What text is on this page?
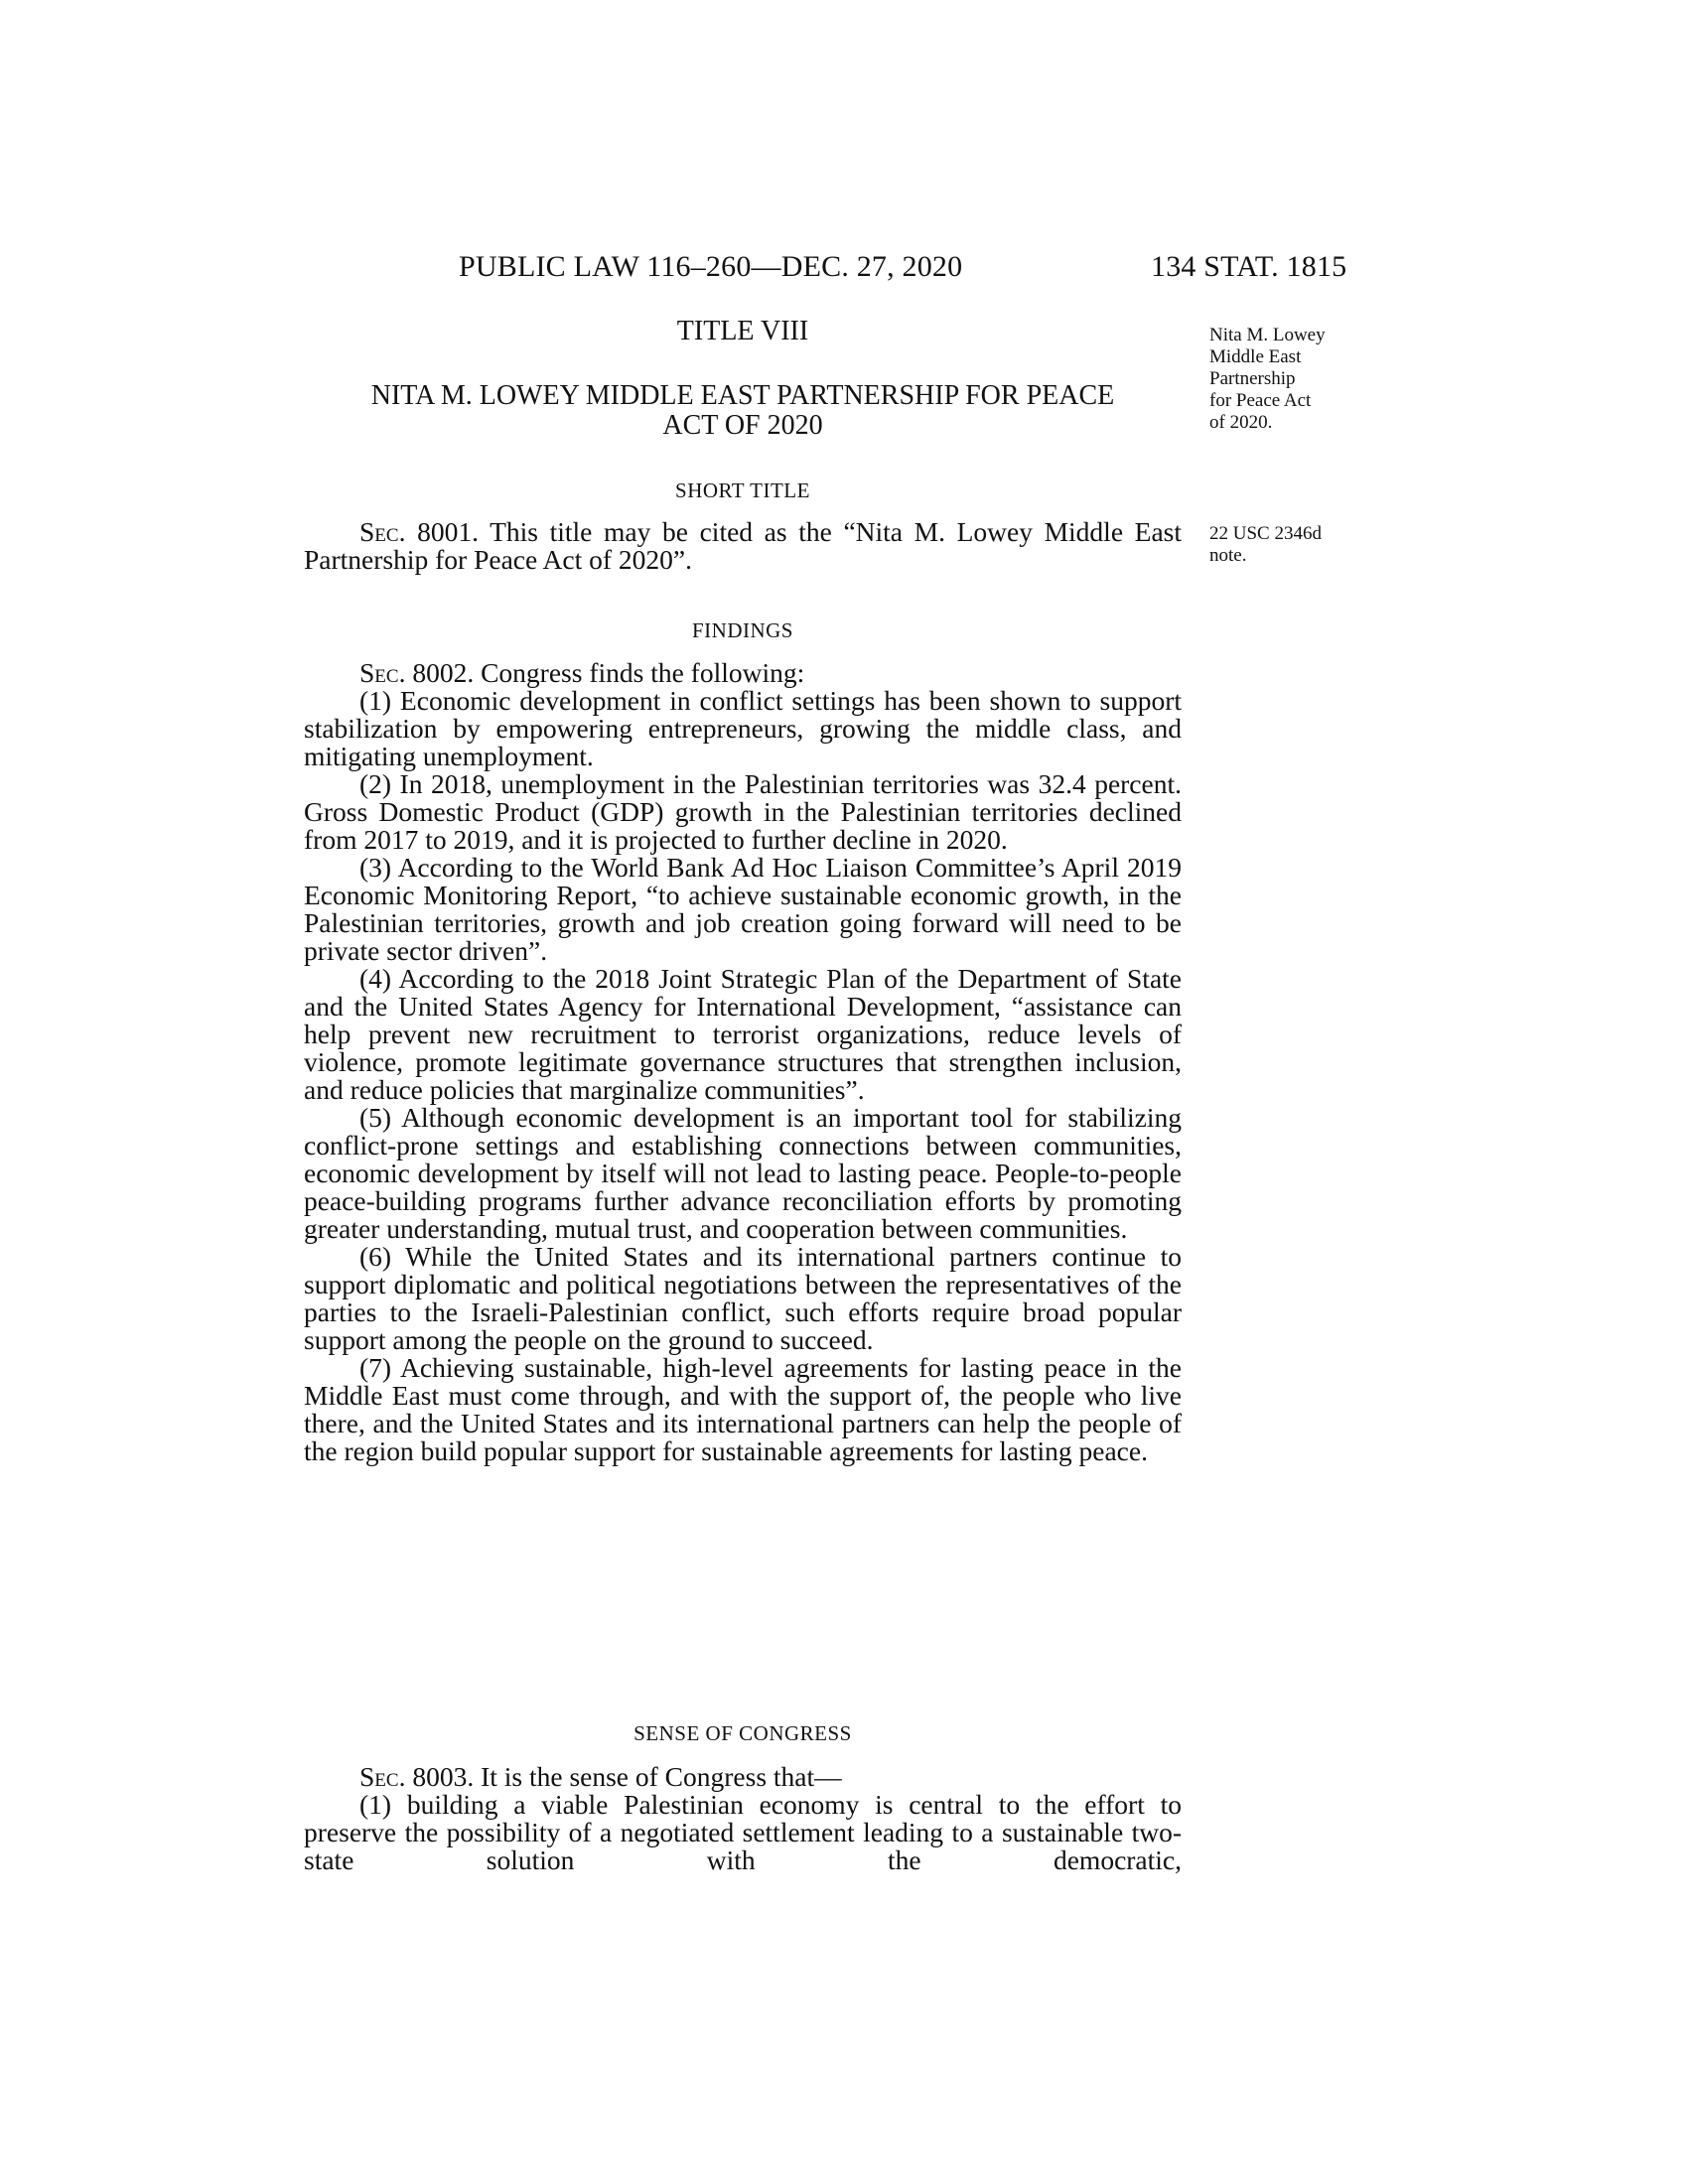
PUBLIC LAW 116–260—DEC. 27, 2020	134 STAT. 1815
TITLE VIII
NITA M. LOWEY MIDDLE EAST PARTNERSHIP FOR PEACE
ACT OF 2020
Nita M. Lowey
Middle East
Partnership
for Peace Act
of 2020.
SHORT TITLE
22 USC 2346d
note.

Sec. 8001. This title may be cited as the “Nita M. Lowey Middle East Partnership for Peace Act of 2020”.

FINDINGS

Sec. 8002. Congress finds the following:

(1) Economic development in conflict settings has been shown to support stabilization by empowering entrepreneurs, growing the middle class, and mitigating unemployment.

(2) In 2018, unemployment in the Palestinian territories was 32.4 percent. Gross Domestic Product (GDP) growth in the Palestinian territories declined from 2017 to 2019, and it is projected to further decline in 2020.

(3) According to the World Bank Ad Hoc Liaison Committee’s April 2019 Economic Monitoring Report, “to achieve sustainable economic growth, in the Palestinian territories, growth and job creation going forward will need to be private sector driven”.

(4) According to the 2018 Joint Strategic Plan of the Department of State and the United States Agency for International Development, “assistance can help prevent new recruitment to terrorist organizations, reduce levels of violence, promote legitimate governance structures that strengthen inclusion, and reduce policies that marginalize communities”.

(5) Although economic development is an important tool for stabilizing conflict-prone settings and establishing connections between communities, economic development by itself will not lead to lasting peace. People-to-people peace-building programs further advance reconciliation efforts by promoting greater understanding, mutual trust, and cooperation between communities.

(6) While the United States and its international partners continue to support diplomatic and political negotiations between the representatives of the parties to the Israeli-Palestinian conflict, such efforts require broad popular support among the people on the ground to succeed.

(7) Achieving sustainable, high-level agreements for lasting peace in the Middle East must come through, and with the support of, the people who live there, and the United States and its international partners can help the people of the region build popular support for sustainable agreements for lasting peace.

SENSE OF CONGRESS

Sec. 8003. It is the sense of Congress that—

(1) building a viable Palestinian economy is central to the effort to preserve the possibility of a negotiated settlement leading to a sustainable two-state solution with the democratic,
